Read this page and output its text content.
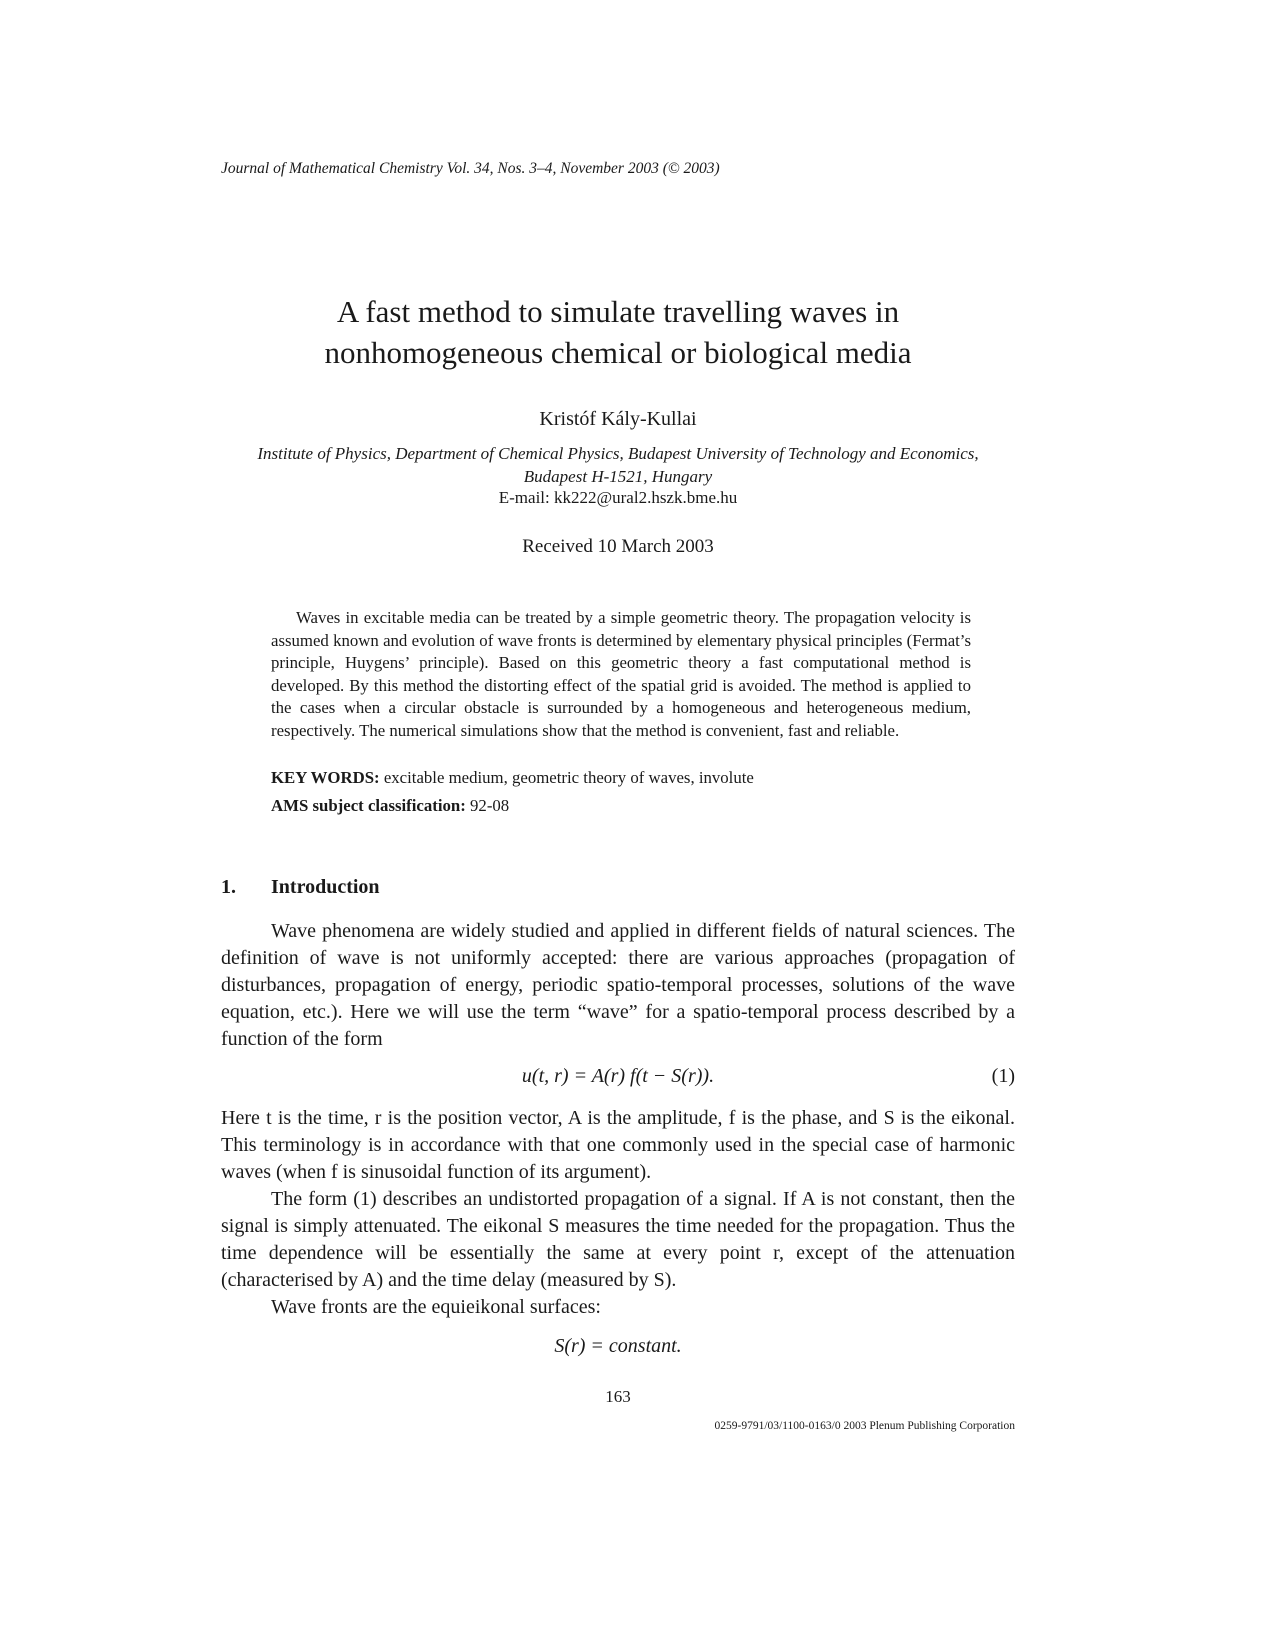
Journal of Mathematical Chemistry Vol. 34, Nos. 3–4, November 2003 (© 2003)
A fast method to simulate travelling waves in
nonhomogeneous chemical or biological media
Kristóf Kály-Kullai
Institute of Physics, Department of Chemical Physics, Budapest University of Technology and Economics,
Budapest H-1521, Hungary
E-mail: kk222@ural2.hszk.bme.hu
Received 10 March 2003
Waves in excitable media can be treated by a simple geometric theory. The propagation velocity is assumed known and evolution of wave fronts is determined by elementary physical principles (Fermat’s principle, Huygens’ principle). Based on this geometric theory a fast computational method is developed. By this method the distorting effect of the spatial grid is avoided. The method is applied to the cases when a circular obstacle is surrounded by a homogeneous and heterogeneous medium, respectively. The numerical simulations show that the method is convenient, fast and reliable.
KEY WORDS: excitable medium, geometric theory of waves, involute
AMS subject classification: 92-08
1. Introduction
Wave phenomena are widely studied and applied in different fields of natural sciences. The definition of wave is not uniformly accepted: there are various approaches (propagation of disturbances, propagation of energy, periodic spatio-temporal processes, solutions of the wave equation, etc.). Here we will use the term “wave” for a spatio-temporal process described by a function of the form
u(t, r) = A(r) f(t − S(r)).	(1)
Here t is the time, r is the position vector, A is the amplitude, f is the phase, and S is the eikonal. This terminology is in accordance with that one commonly used in the special case of harmonic waves (when f is sinusoidal function of its argument).
The form (1) describes an undistorted propagation of a signal. If A is not constant, then the signal is simply attenuated. The eikonal S measures the time needed for the propagation. Thus the time dependence will be essentially the same at every point r, except of the attenuation (characterised by A) and the time delay (measured by S).
Wave fronts are the equieikonal surfaces:
S(r) = constant.
163
0259-9791/03/1100-0163/0 2003 Plenum Publishing Corporation
